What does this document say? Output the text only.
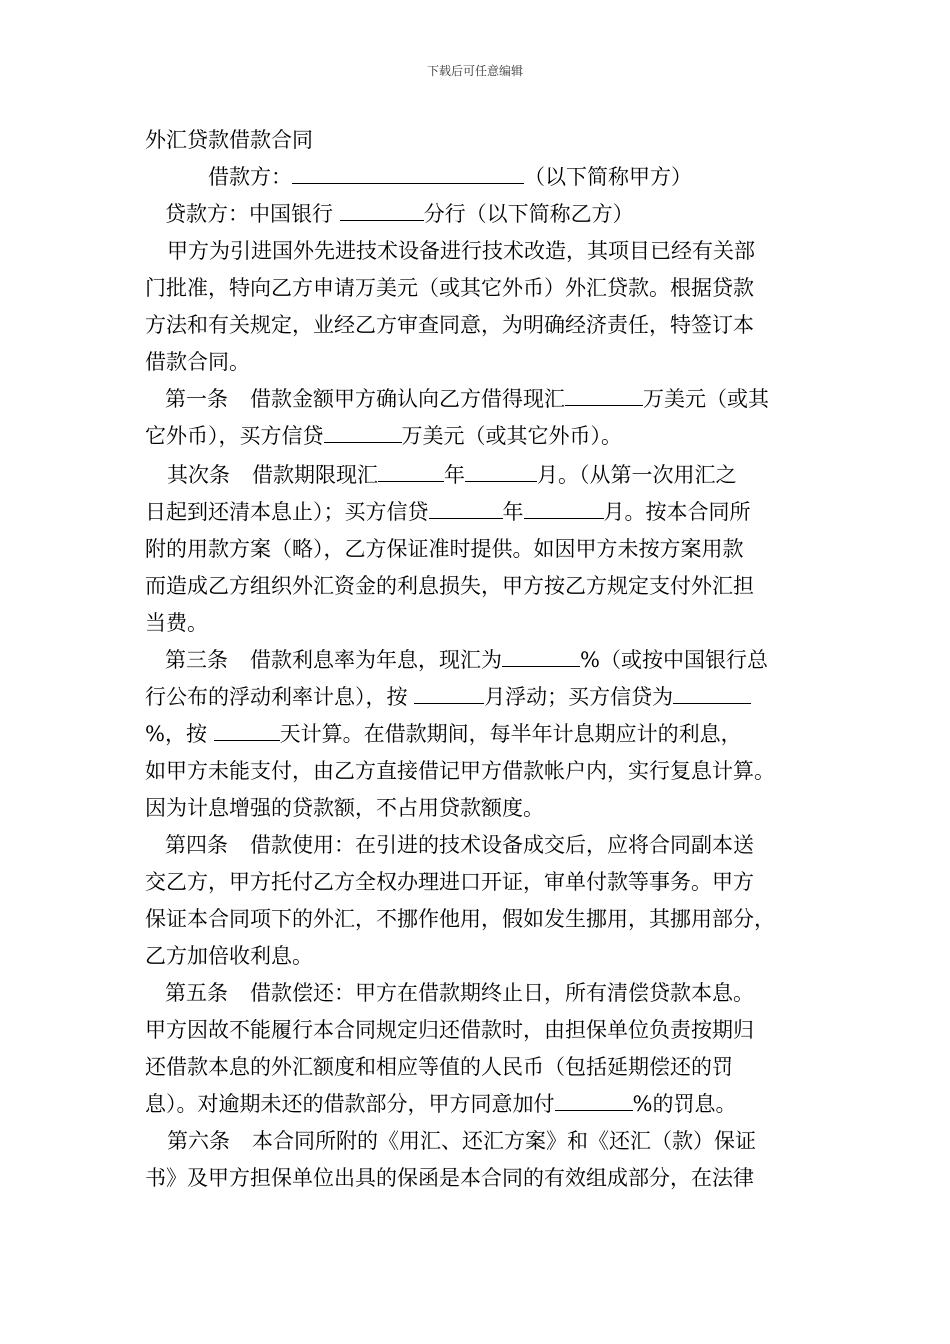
下载后可任意编辑
外汇贷款借款合同
借款方：	（以下简称甲方）
贷款方：中国银行	分行（以下简称乙方）
甲方为引进国外先进技术设备进行技术改造，其项目已经有关部
门批准，特向乙方申请万美元（或其它外币）外汇贷款。根据贷款
方法和有关规定，业经乙方审查同意，为明确经济责任，特签订本
借款合同。
第一条 借款金额甲方确认向乙方借得现汇	万美元（或其
它外币），买方信贷	万美元（或其它外币）。
其次条 借款期限现汇	年	月。（从第一次用汇之
日起到还清本息止）；买方信贷	年	月。按本合同所
附的用款方案（略），乙方保证准时提供。如因甲方未按方案用款
而造成乙方组织外汇资金的利息损失，甲方按乙方规定支付外汇担
当费。
第三条 借款利息率为年息，现汇为	%（或按中国银行总
行公布的浮动利率计息），按	月浮动；买方信贷为
%，按	天计算。在借款期间，每半年计息期应计的利息，
如甲方未能支付，由乙方直接借记甲方借款帐户内，实行复息计算。
因为计息增强的贷款额，不占用贷款额度。
第四条 借款使用：在引进的技术设备成交后，应将合同副本送
交乙方，甲方托付乙方全权办理进口开证，审单付款等事务。甲方
保证本合同项下的外汇，不挪作他用，假如发生挪用，其挪用部分，
乙方加倍收利息。
第五条 借款偿还：甲方在借款期终止日，所有清偿贷款本息。
甲方因故不能履行本合同规定归还借款时，由担保单位负责按期归
还借款本息的外汇额度和相应等值的人民币（包括延期偿还的罚
息）。对逾期未还的借款部分，甲方同意加付	%的罚息。
第六条 本合同所附的《用汇、还汇方案》和《还汇（款）保证
书》及甲方担保单位出具的保函是本合同的有效组成部分，在法律
